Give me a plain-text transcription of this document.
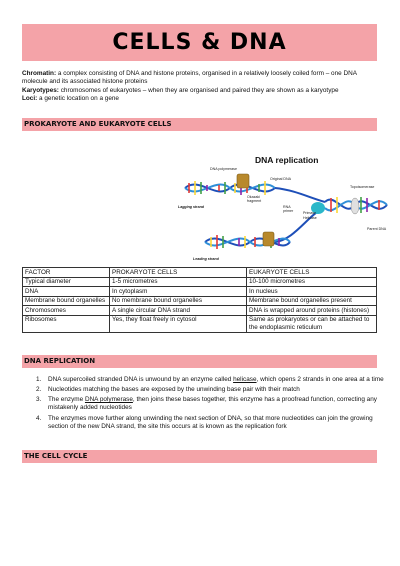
CELLS & DNA

Chromatin: a complex consisting of DNA and histone proteins, organised in a relatively loosely coiled form – one DNA molecule and its associated histone proteins

Karyotypes: chromosomes of eukaryotes – when they are organised and paired they are shown as a karyotype

Loci: a genetic location on a gene

PROKARYOTE AND EUKARYOTE CELLS
DNA replication
DNA polymerase
Original DNA
Topoisomerase
Okazaki
fragment
Lagging strand	RNA
primer	Primase
Helicase
Leading strand
Parent DNA
FACTOR	PROKARYOTE CELLS	EUKARYOTE CELLS
Typical diameter	1-5 micrometres	10-100 micrometres
DNA	In cytoplasm	In nucleus
Membrane bound organelles	No membrane bound organelles	Membrane bound organelles present
Chromosomes	A single circular DNA strand	DNA is wrapped around proteins (histones)
Ribosomes	Yes, they float freely in cytosol	Same as prokaryotes or can be attached to the endoplasmic reticulum
DNA REPLICATION
1. DNA supercoiled stranded DNA is unwound by an enzyme called helicase, which opens 2 strands in one area at a time
2. Nucleotides matching the bases are exposed by the unwinding base pair with their match
3. The enzyme DNA polymerase, then joins these bases together, this enzyme has a proofread function, correcting any mistakenly added nucleotides
4. The enzymes move further along unwinding the next section of DNA, so that more nucleotides can join the growing section of the new DNA strand, the site this occurs at is known as the replication fork
THE CELL CYCLE
